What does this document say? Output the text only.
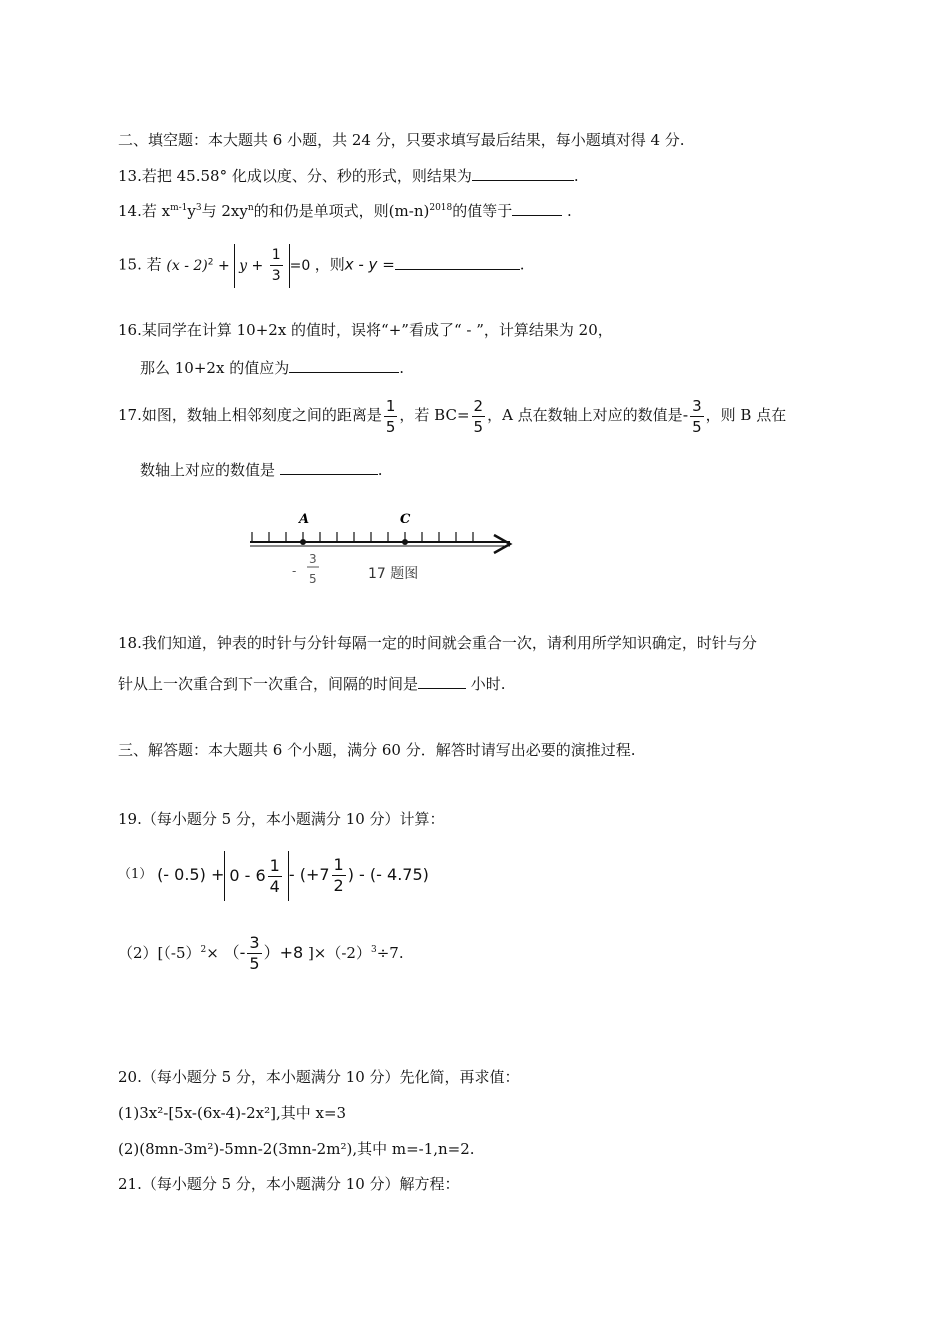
二、填空题：本大题共 6 小题，共 24 分，只要求填写最后结果，每小题填对得 4 分.
13.若把 45.58° 化成以度、分、秒的形式，则结果为	.
14.若 $x^{m-1}y^3$与 $2xy^n$的和仍是单项式，则$(m-n)^{2018}$的值等于	.
15. 若 $(x - 2)^2 + y + \frac{1}{3} =0$ ，则x - y =	.
16.某同学在计算 10+2x 的值时，误将“+”看成了“ - ”，计算结果为 20，
那么 10+2x 的值应为	.
17.如图，数轴上相邻刻度之间的距离是 $\frac{1}{5}$ ，若 $BC= \frac{2}{5}$ ，A 点在数轴上对应的数值是- $\frac{3}{5}$ ，则 B 点在
数轴上对应的数值是	.
A	C
-
3
5	17 题图
18.我们知道，钟表的时针与分针每隔一定的时间就会重合一次，请利用所学知识确定，时针与分
针从上一次重合到下一次重合，间隔的时间是	小时.
三、解答题：本大题共 6 个小题，满分 60 分．解答时请写出必要的演推过程.
19.（每小题分 5 分，本小题满分 10 分）计算：
（1） (- $0.5) + 0 - 6 \frac{1}{4} - (+7 \frac{1}{2}$ ) - (- 4.75)
$(2)[(-5)^2\times$ （- $\frac{3}{5} )+8$ ]$\times(-2)^3\div 7$.
20.（每小题分 5 分，本小题满分 10 分）先化简，再求值：
(1)3x²-[5x-(6x-4)-2x²],其中 x=3
(2)(8mn-3m²)-5mn-2(3mn-2m²),其中 m=-1,n=2.
21.（每小题分 5 分，本小题满分 10 分）解方程：
